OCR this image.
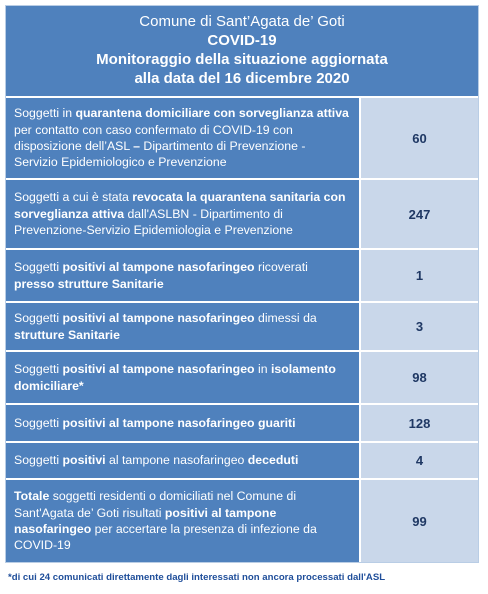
Comune di Sant’Agata de’ Goti
COVID-19
Monitoraggio della situazione aggiornata
alla data del 16 dicembre 2020
Soggetti in quarantena domiciliare con sorveglianza attiva per contatto con caso confermato di COVID-19 con disposizione dell’ASL – Dipartimento di Prevenzione - Servizio Epidemiologico e Prevenzione
60
Soggetti a cui è stata revocata la quarantena sanitaria con sorveglianza attiva dall'ASLBN - Dipartimento di Prevenzione-Servizio Epidemiologia e Prevenzione
247
Soggetti positivi al tampone nasofaringeo ricoverati presso strutture Sanitarie
1
Soggetti positivi al tampone nasofaringeo dimessi da strutture Sanitarie
3
Soggetti positivi al tampone nasofaringeo in isolamento domiciliare*
98
Soggetti positivi al tampone nasofaringeo guariti	128
Soggetti positivi al tampone nasofaringeo deceduti	4
Totale soggetti residenti o domiciliati nel Comune di Sant'Agata de’ Goti risultati positivi al tampone nasofaringeo per accertare la presenza di infezione da COVID-19
99
*di cui 24 comunicati direttamente dagli interessati non ancora processati dall'ASL
